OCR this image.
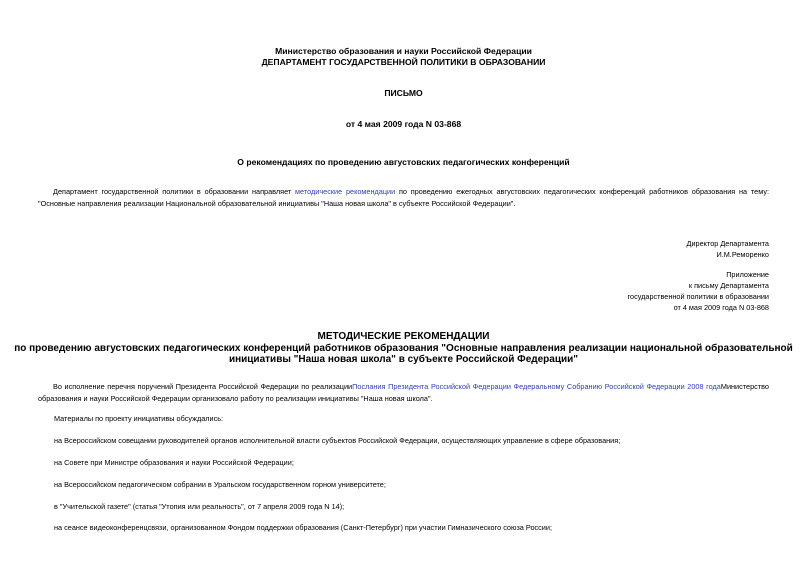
Министерство образования и науки Российской Федерации
ДЕПАРТАМЕНТ ГОСУДАРСТВЕННОЙ ПОЛИТИКИ В ОБРАЗОВАНИИ
ПИСЬМО
от 4 мая 2009 года N 03-868
О рекомендациях по проведению августовских педагогических конференций
Департамент государственной политики в образовании направляет методические рекомендации по проведению ежегодных августовских педагогических конференций работников образования на тему: "Основные направления реализации Национальной образовательной инициативы "Наша новая школа" в субъекте Российской Федерации".
Директор Департамента
И.М.Реморенко
Приложение
к письму Департамента
государственной политики в образовании
от 4 мая 2009 года N 03-868
МЕТОДИЧЕСКИЕ РЕКОМЕНДАЦИИ
по проведению августовских педагогических конференций работников образования "Основные направления реализации национальной образовательной
инициативы "Наша новая школа" в субъекте Российской Федерации"
Во исполнение перечня поручений Президента Российской Федерации по реализацииПослания Президента Российской Федерации Федеральному Собранию Российской Федерации 2008 годаМинистерство образования и науки Российской Федерации организовало работу по реализации инициативы "Наша новая школа".
Материалы по проекту инициативы обсуждались:
на Всероссийском совещании руководителей органов исполнительной власти субъектов Российской Федерации, осуществляющих управление в сфере образования;
на Совете при Министре образования и науки Российской Федерации;
на Всероссийском педагогическом собрании в Уральском государственном горном университете;
в "Учительской газете" (статья "Утопия или реальность", от 7 апреля 2009 года N 14);
на сеансе видеоконференцсвязи, организованном Фондом поддержки образования (Санкт-Петербург) при участии Гимназического союза России;
